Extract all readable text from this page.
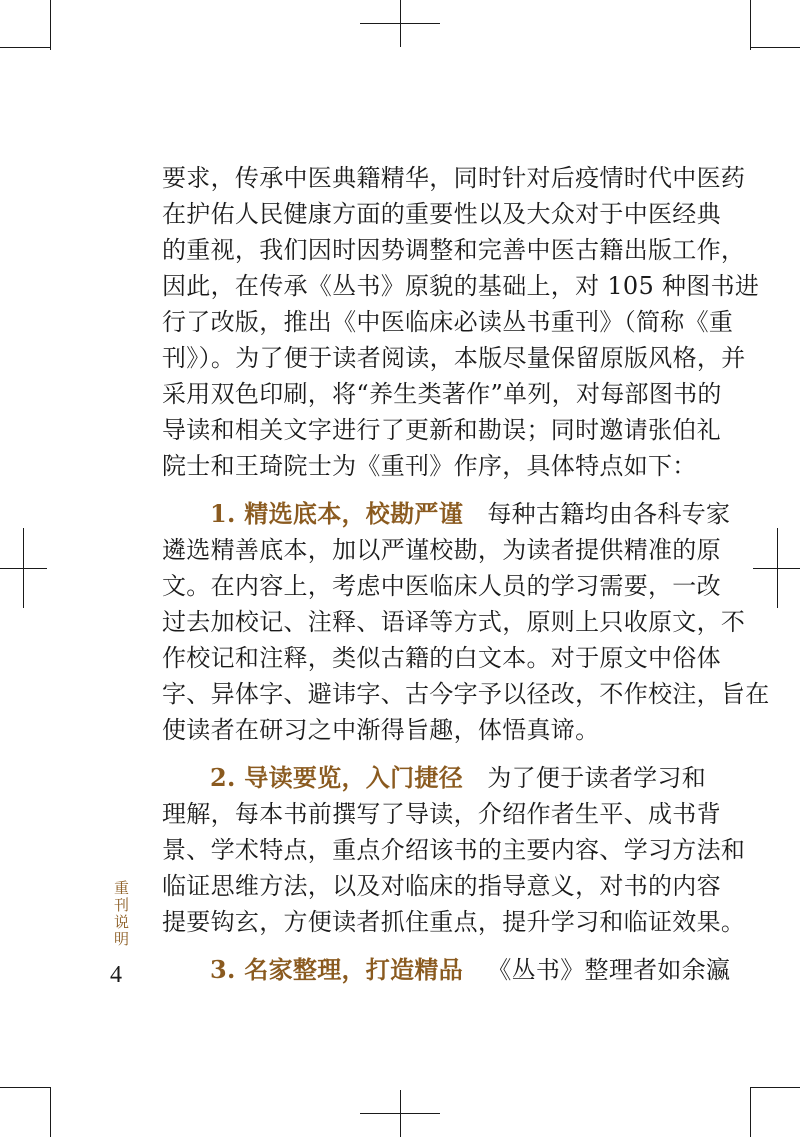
要求，传承中医典籍精华，同时针对后疫情时代中医药
在护佑人民健康方面的重要性以及大众对于中医经典
的重视，我们因时因势调整和完善中医古籍出版工作，
因此，在传承《丛书》原貌的基础上，对 105 种图书进
行了改版，推出《中医临床必读丛书重刊》（简称《重
刊》）。为了便于读者阅读，本版尽量保留原版风格，并
采用双色印刷，将“养生类著作”单列，对每部图书的
导读和相关文字进行了更新和勘误；同时邀请张伯礼
院士和王琦院士为《重刊》作序，具体特点如下：
1. 精选底本，校勘严谨  每种古籍均由各科专家
遴选精善底本，加以严谨校勘，为读者提供精准的原
文。在内容上，考虑中医临床人员的学习需要，一改
过去加校记、注释、语译等方式，原则上只收原文，不
作校记和注释，类似古籍的白文本。对于原文中俗体
字、异体字、避讳字、古今字予以径改，不作校注，旨在
使读者在研习之中渐得旨趣，体悟真谛。
2. 导读要览，入门捷径  为了便于读者学习和
理解，每本书前撰写了导读，介绍作者生平、成书背
景、学术特点，重点介绍该书的主要内容、学习方法和
临证思维方法，以及对临床的指导意义，对书的内容
提要钩玄，方便读者抓住重点，提升学习和临证效果。
3. 名家整理，打造精品  《丛书》整理者如余瀛
重刊说明
4
